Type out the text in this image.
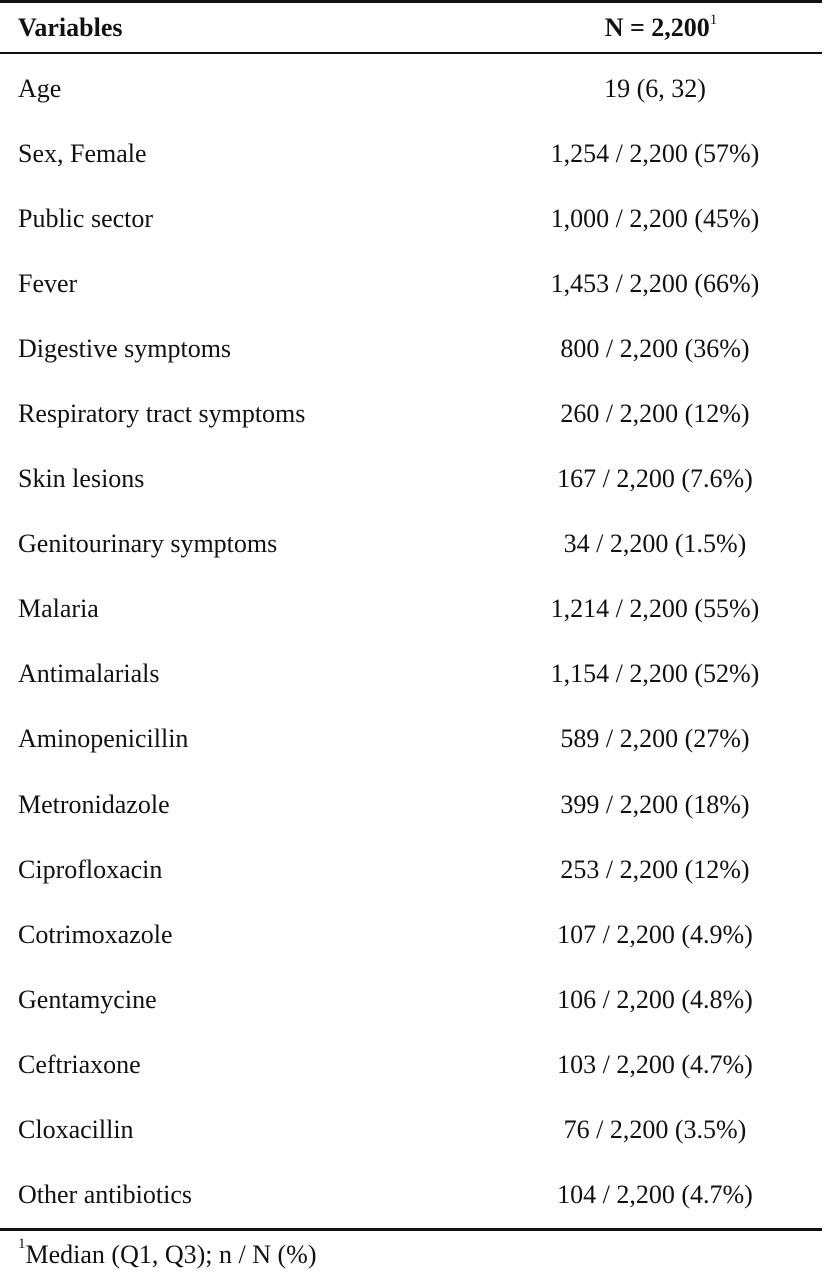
Variables	$N = 2,200^1$
Age	19 (6, 32)
Sex, Female	1,254 / 2,200 (57%)
Public sector	1,000 / 2,200 (45%)
Fever	1,453 / 2,200 (66%)
Digestive symptoms	800 / 2,200 (36%)
Respiratory tract symptoms	260 / 2,200 (12%)
Skin lesions	167 / 2,200 (7.6%)
Genitourinary symptoms	34 / 2,200 (1.5%)
Malaria	1,214 / 2,200 (55%)
Antimalarials	1,154 / 2,200 (52%)
Aminopenicillin	589 / 2,200 (27%)
Metronidazole	399 / 2,200 (18%)
Ciprofloxacin	253 / 2,200 (12%)
Cotrimoxazole	107 / 2,200 (4.9%)
Gentamycine	106 / 2,200 (4.8%)
Ceftriaxone	103 / 2,200 (4.7%)
Cloxacillin	76 / 2,200 (3.5%)
Other antibiotics	104 / 2,200 (4.7%)
$^1$Median (Q1, Q3); n / N (%)
